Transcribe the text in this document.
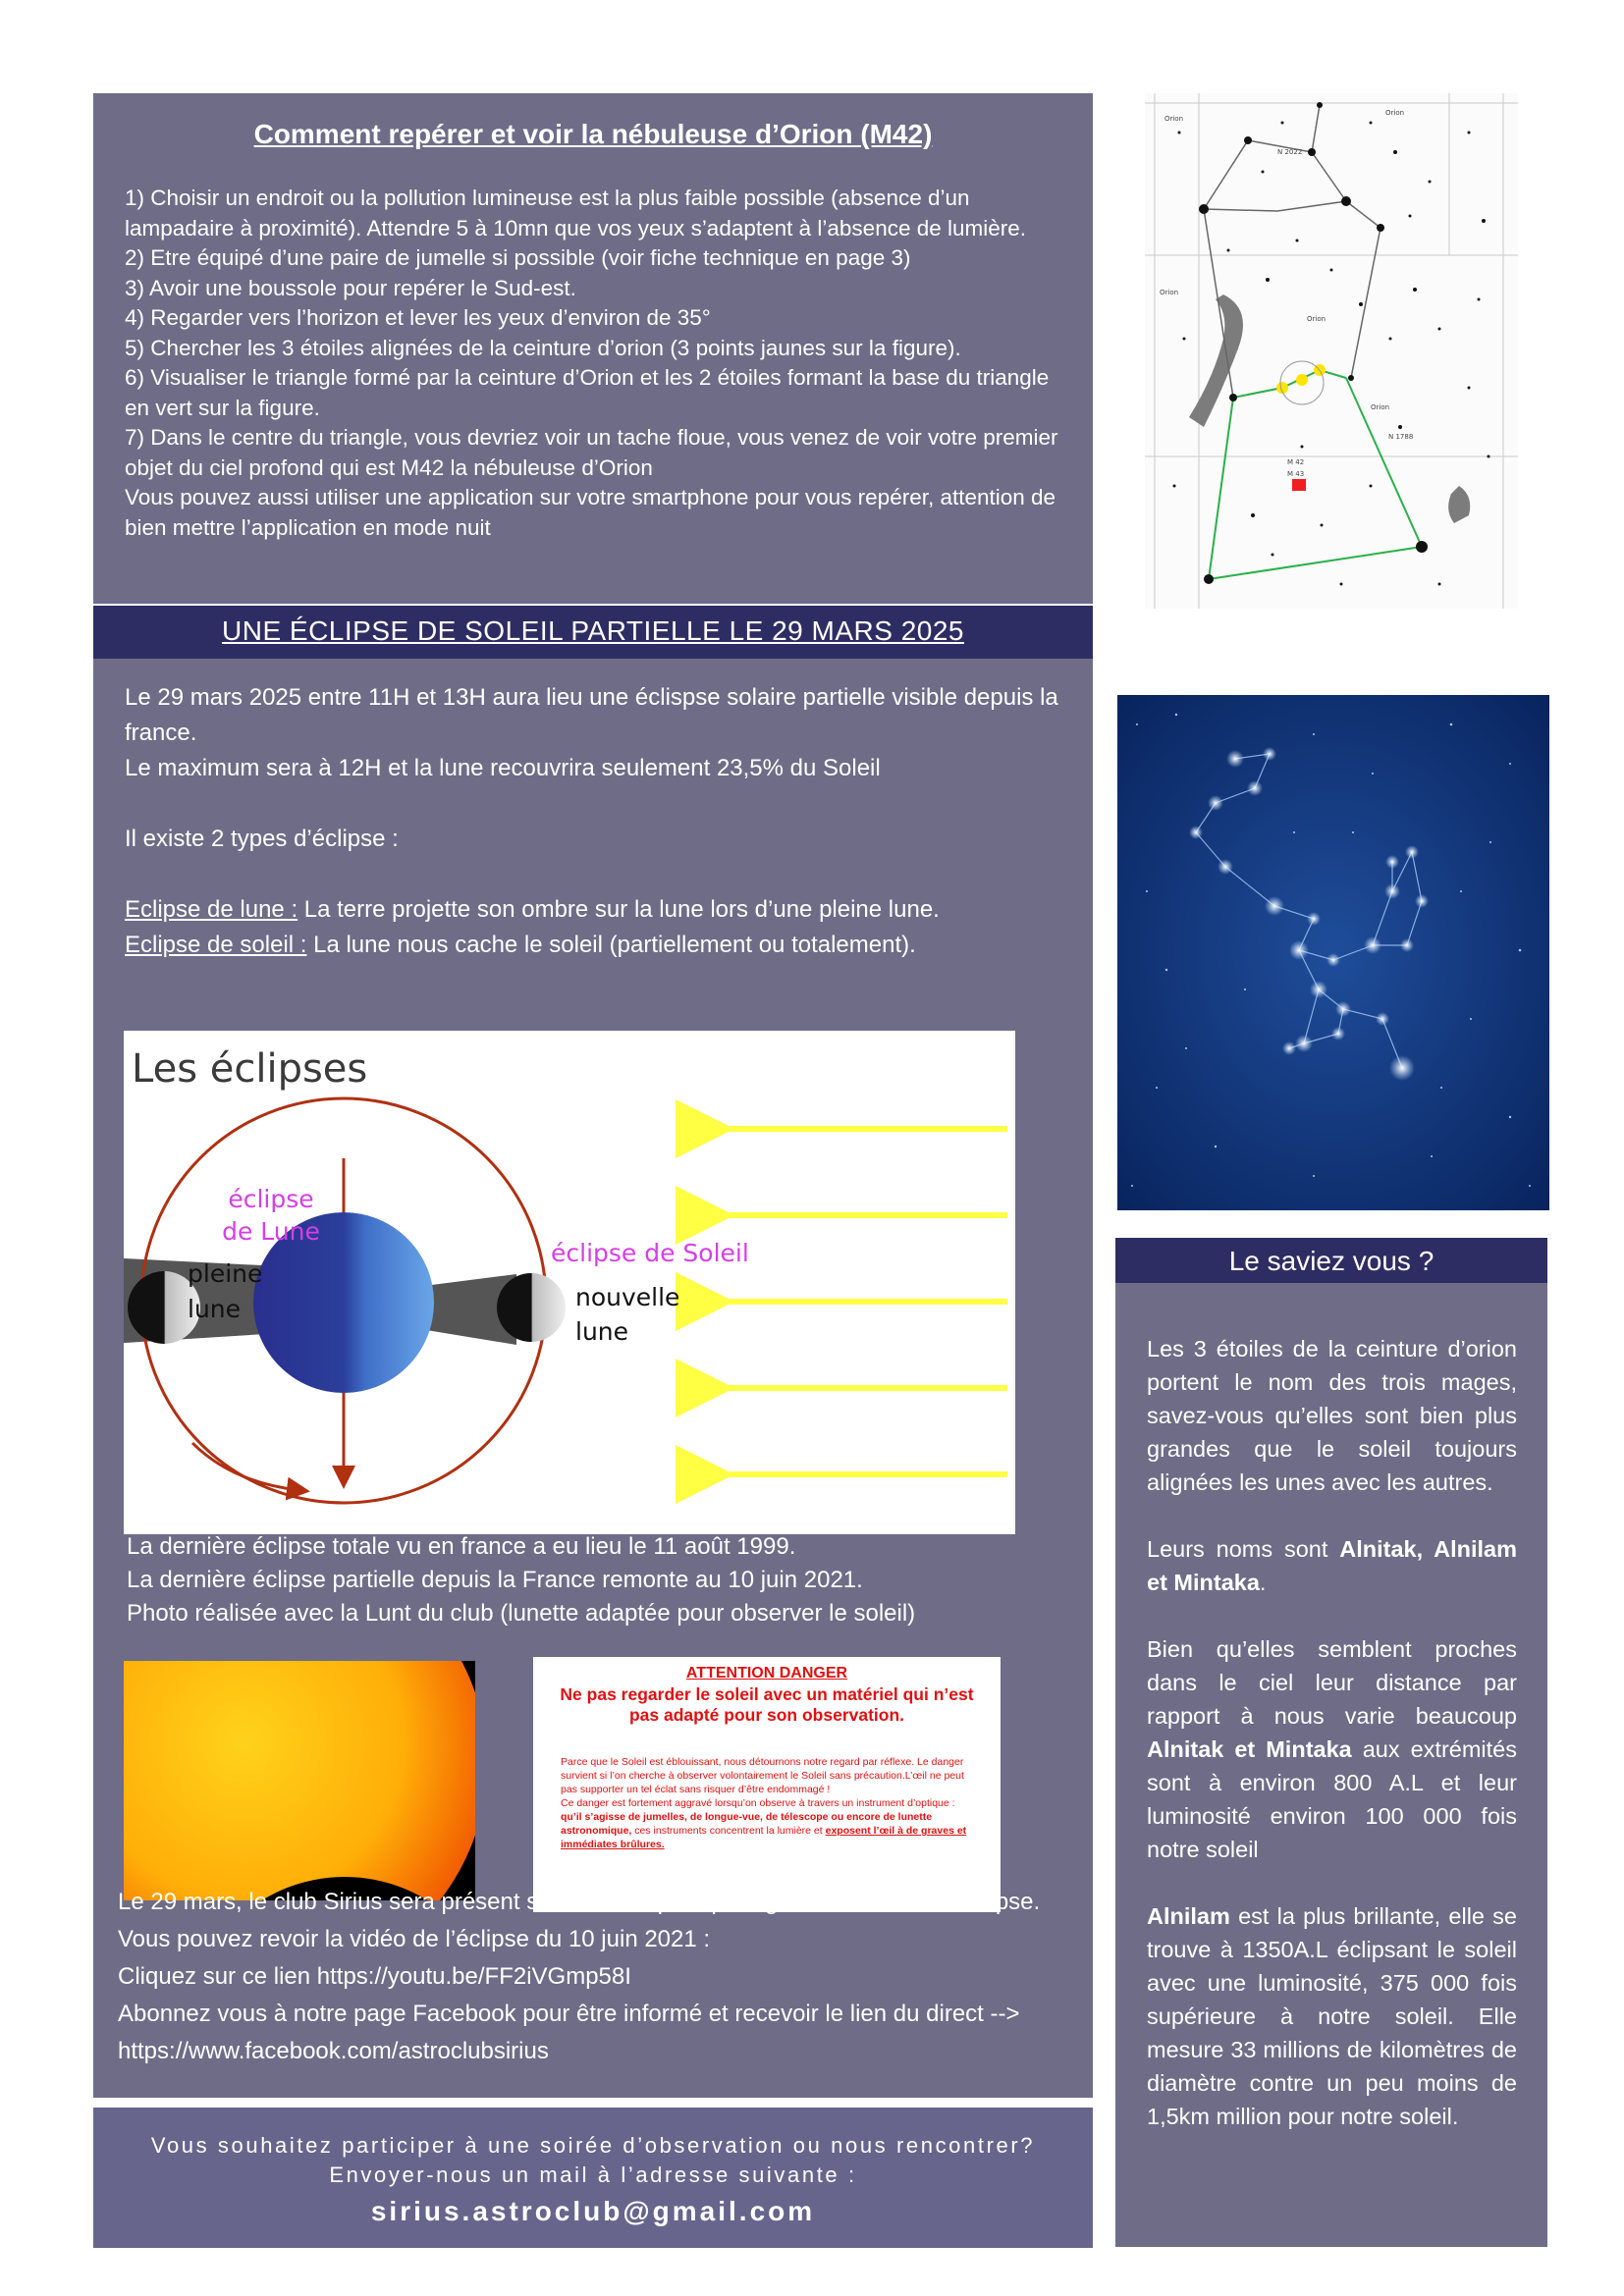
Comment repérer et voir la nébuleuse d’Orion (M42)

1) Choisir un endroit ou la pollution lumineuse est la plus faible possible (absence d’un lampadaire à proximité). Attendre 5 à 10mn que vos yeux s’adaptent à l’absence de lumière.

2) Etre équipé d’une paire de jumelle si possible (voir fiche technique en page 3)

3) Avoir une boussole pour repérer le Sud-est.

4) Regarder vers l’horizon et lever les yeux d’environ de 35°

5) Chercher les 3 étoiles alignées de la ceinture d’orion (3 points jaunes sur la figure).

6) Visualiser le triangle formé par la ceinture d’Orion et les 2 étoiles formant la base du triangle en vert sur la figure.

7) Dans le centre du triangle, vous devriez voir un tache floue, vous venez de voir votre premier objet du ciel profond qui est M42 la nébuleuse d’Orion

Vous pouvez aussi utiliser une application sur votre smartphone pour vous repérer, attention de bien mettre l’application en mode nuit

UNE ÉCLIPSE DE SOLEIL PARTIELLE LE 29 MARS 2025

Le 29 mars 2025 entre 11H et 13H aura lieu une éclispse solaire partielle visible depuis la france.

Le maximum sera à 12H et la lune recouvrira seulement 23,5% du Soleil

Il existe 2 types d’éclipse :

Eclipse de lune : La terre projette son ombre sur la lune lors d’une pleine lune.

Eclipse de soleil : La lune nous cache le soleil (partiellement ou totalement).

Les éclipses
éclipse
de Lune
pleine
lune
éclipse de Soleil
nouvelle
lune

La dernière éclipse totale vu en france a eu lieu le 11 août 1999.

La dernière éclipse partielle depuis la France remonte au 10 juin 2021.

Photo réalisée avec la Lunt du club (lunette adaptée pour observer le soleil)

ATTENTION DANGER
Ne pas regarder le soleil avec un matériel qui n’est pas adapté pour son observation.

Parce que le Soleil est éblouissant, nous détournons notre regard par réflexe. Le danger survient si l’on cherche à observer volontairement le Soleil sans précaution.L’œil ne peut pas supporter un tel éclat sans risquer d’être endommagé !

Ce danger est fortement aggravé lorsqu’on observe à travers un instrument d’optique : qu’il s’agisse de jumelles, de longue-vue, de télescope ou encore de lunette astronomique, ces instruments concentrent la lumière et exposent l’œil à de graves et immédiates brûlures.

Le 29 mars, le club Sirius sera présent sur Youtube pour partager en direct cette éclipse. Vous pouvez revoir la vidéo de l’éclipse du 10 juin 2021 :

Cliquez sur ce lien https://youtu.be/FF2iVGmp58I

Abonnez vous à notre page Facebook pour être informé et recevoir le lien du direct --> https://www.facebook.com/astroclubsirius

Vous souhaitez participer à une soirée d’observation ou nous rencontrer?
Envoyer-nous un mail à l’adresse suivante :
sirius.astroclub@gmail.com
Orion
Orion
Orion
Orion
Orion
N 2022
M 42
M 43
N 1788
Le saviez vous ?

Les 3 étoiles de la ceinture d’orion portent le nom des trois mages, savez-vous qu’elles sont bien plus grandes que le soleil toujours alignées les unes avec les autres.

Leurs noms sont Alnitak, Alnilam et Mintaka.

Bien qu’elles semblent proches dans le ciel leur distance par rapport à nous varie beaucoup Alnitak et Mintaka aux extrémités sont à environ 800 A.L et leur luminosité environ 100 000 fois notre soleil

Alnilam est la plus brillante, elle se trouve à 1350A.L éclipsant le soleil avec une luminosité, 375 000 fois supérieure à notre soleil. Elle mesure 33 millions de kilomètres de diamètre contre un peu moins de 1,5km million pour notre soleil.
